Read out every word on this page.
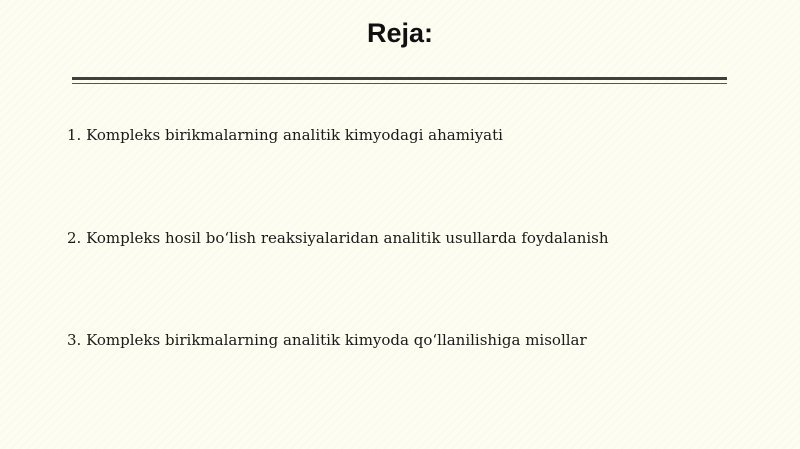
Reja:

1. Kompleks birikmalarning analitik kimyodagi ahamiyati

2. Kompleks hosil bo‘lish reaksiyalaridan analitik usullarda foydalanish

3. Kompleks birikmalarning analitik kimyoda qo‘llanilishiga misollar
